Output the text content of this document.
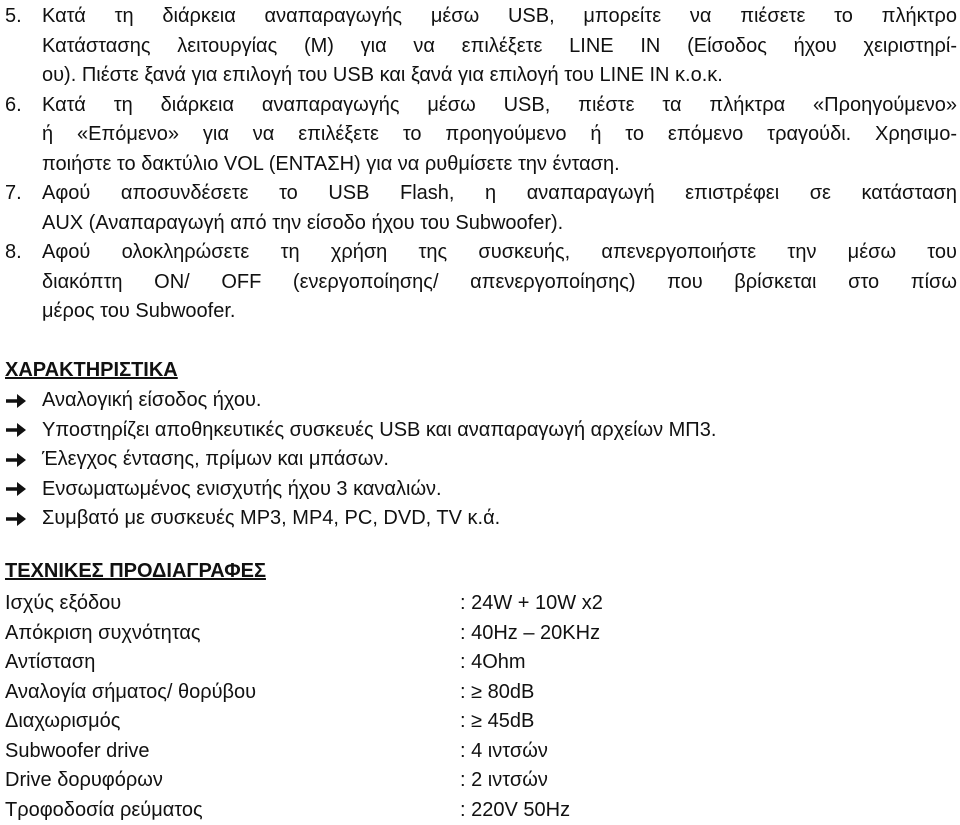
5.	Κατά τη διάρκεια αναπαραγωγής μέσω USB, μπορείτε να πιέσετε το πλήκτρο
Κατάστασης λειτουργίας (M) για να επιλέξετε LINE IN (Είσοδος ήχου χειριστηρί-
ου). Πιέστε ξανά για επιλογή του USB και ξανά για επιλογή του LINE IN κ.ο.κ.
6.	Κατά τη διάρκεια αναπαραγωγής μέσω USB, πιέστε τα πλήκτρα «Προηγούμενο»
ή «Επόμενο» για να επιλέξετε το προηγούμενο ή το επόμενο τραγούδι. Χρησιμο-
ποιήστε το δακτύλιο VOL (ΕΝΤΑΣΗ) για να ρυθμίσετε την ένταση.
7.	Αφού αποσυνδέσετε το USB Flash, η αναπαραγωγή επιστρέφει σε κατάσταση
AUX (Αναπαραγωγή από την είσοδο ήχου του Subwoofer).
8.	Αφού ολοκληρώσετε τη χρήση της συσκευής, απενεργοποιήστε την μέσω του
διακόπτη ON/ OFF (ενεργοποίησης/ απενεργοποίησης) που βρίσκεται στο πίσω
μέρος του Subwoofer.
ΧΑΡΑΚΤΗΡΙΣΤΙΚΑ
Αναλογική είσοδος ήχου.
Υποστηρίζει αποθηκευτικές συσκευές USB και αναπαραγωγή αρχείων ΜΠ3.
Έλεγχος έντασης, πρίμων και μπάσων.
Ενσωματωμένος ενισχυτής ήχου 3 καναλιών.
Συμβατό με συσκευές MP3, MP4, PC, DVD, TV κ.ά.
ΤΕΧΝΙΚΕΣ ΠΡΟΔΙΑΓΡΑΦΕΣ
Ισχύς εξόδου	: 24W + 10W x2
Απόκριση συχνότητας	: 40Hz – 20KHz
Αντίσταση	: 4Ohm
Αναλογία σήματος/ θορύβου	: ≥ 80dB
Διαχωρισμός	: ≥ 45dB
Subwoofer drive	: 4 ιντσών
Drive δορυφόρων	: 2 ιντσών
Τροφοδοσία ρεύματος	: 220V 50Hz
